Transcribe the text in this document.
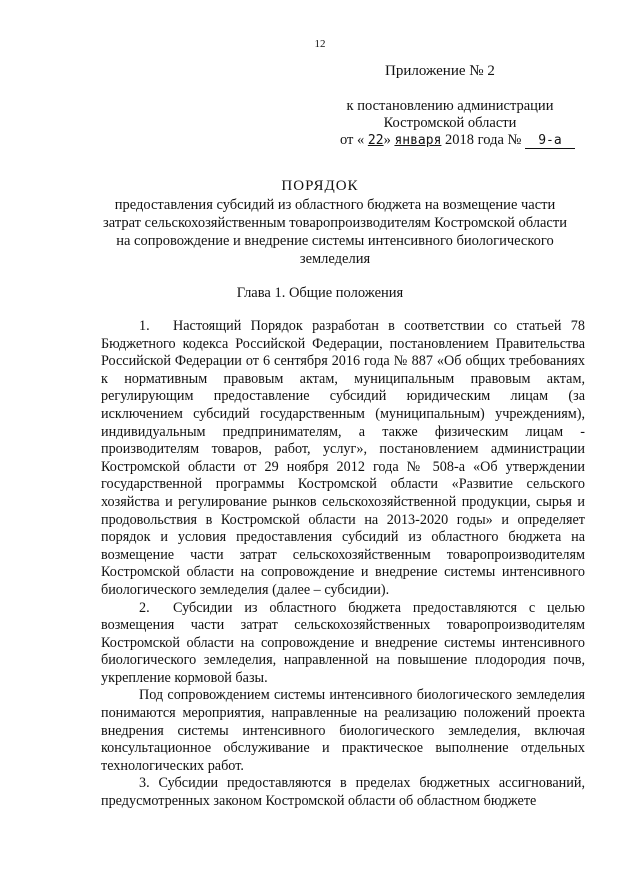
12
Приложение № 2
к постановлению администрации
Костромской области
от « 22» января 2018 года № 9-а
ПОРЯДОК
предоставления субсидий из областного бюджета на возмещение части затрат сельскохозяйственным товаропроизводителям Костромской области на сопровождение и внедрение системы интенсивного биологического земледелия
Глава 1. Общие положения

1. Настоящий Порядок разработан в соответствии со статьей 78 Бюджетного кодекса Российской Федерации, постановлением Правительства Российской Федерации от 6 сентября 2016 года № 887 «Об общих требованиях к нормативным правовым актам, муниципальным правовым актам, регулирующим предоставление субсидий юридическим лицам (за исключением субсидий государственным (муниципальным) учреждениям), индивидуальным предпринимателям, а также физическим лицам - производителям товаров, работ, услуг», постановлением администрации Костромской области от 29 ноября 2012 года № 508-а «Об утверждении государственной программы Костромской области «Развитие сельского хозяйства и регулирование рынков сельскохозяйственной продукции, сырья и продовольствия в Костромской области на 2013-2020 годы» и определяет порядок и условия предоставления субсидий из областного бюджета на возмещение части затрат сельскохозяйственным товаропроизводителям Костромской области на сопровождение и внедрение системы интенсивного биологического земледелия (далее – субсидии).

2. Субсидии из областного бюджета предоставляются с целью возмещения части затрат сельскохозяйственных товаропроизводителям Костромской области на сопровождение и внедрение системы интенсивного биологического земледелия, направленной на повышение плодородия почв, укрепление кормовой базы.

Под сопровождением системы интенсивного биологического земледелия понимаются мероприятия, направленные на реализацию положений проекта внедрения системы интенсивного биологического земледелия, включая консультационное обслуживание и практическое выполнение отдельных технологических работ.

3. Субсидии предоставляются в пределах бюджетных ассигнований, предусмотренных законом Костромской области об областном бюджете
